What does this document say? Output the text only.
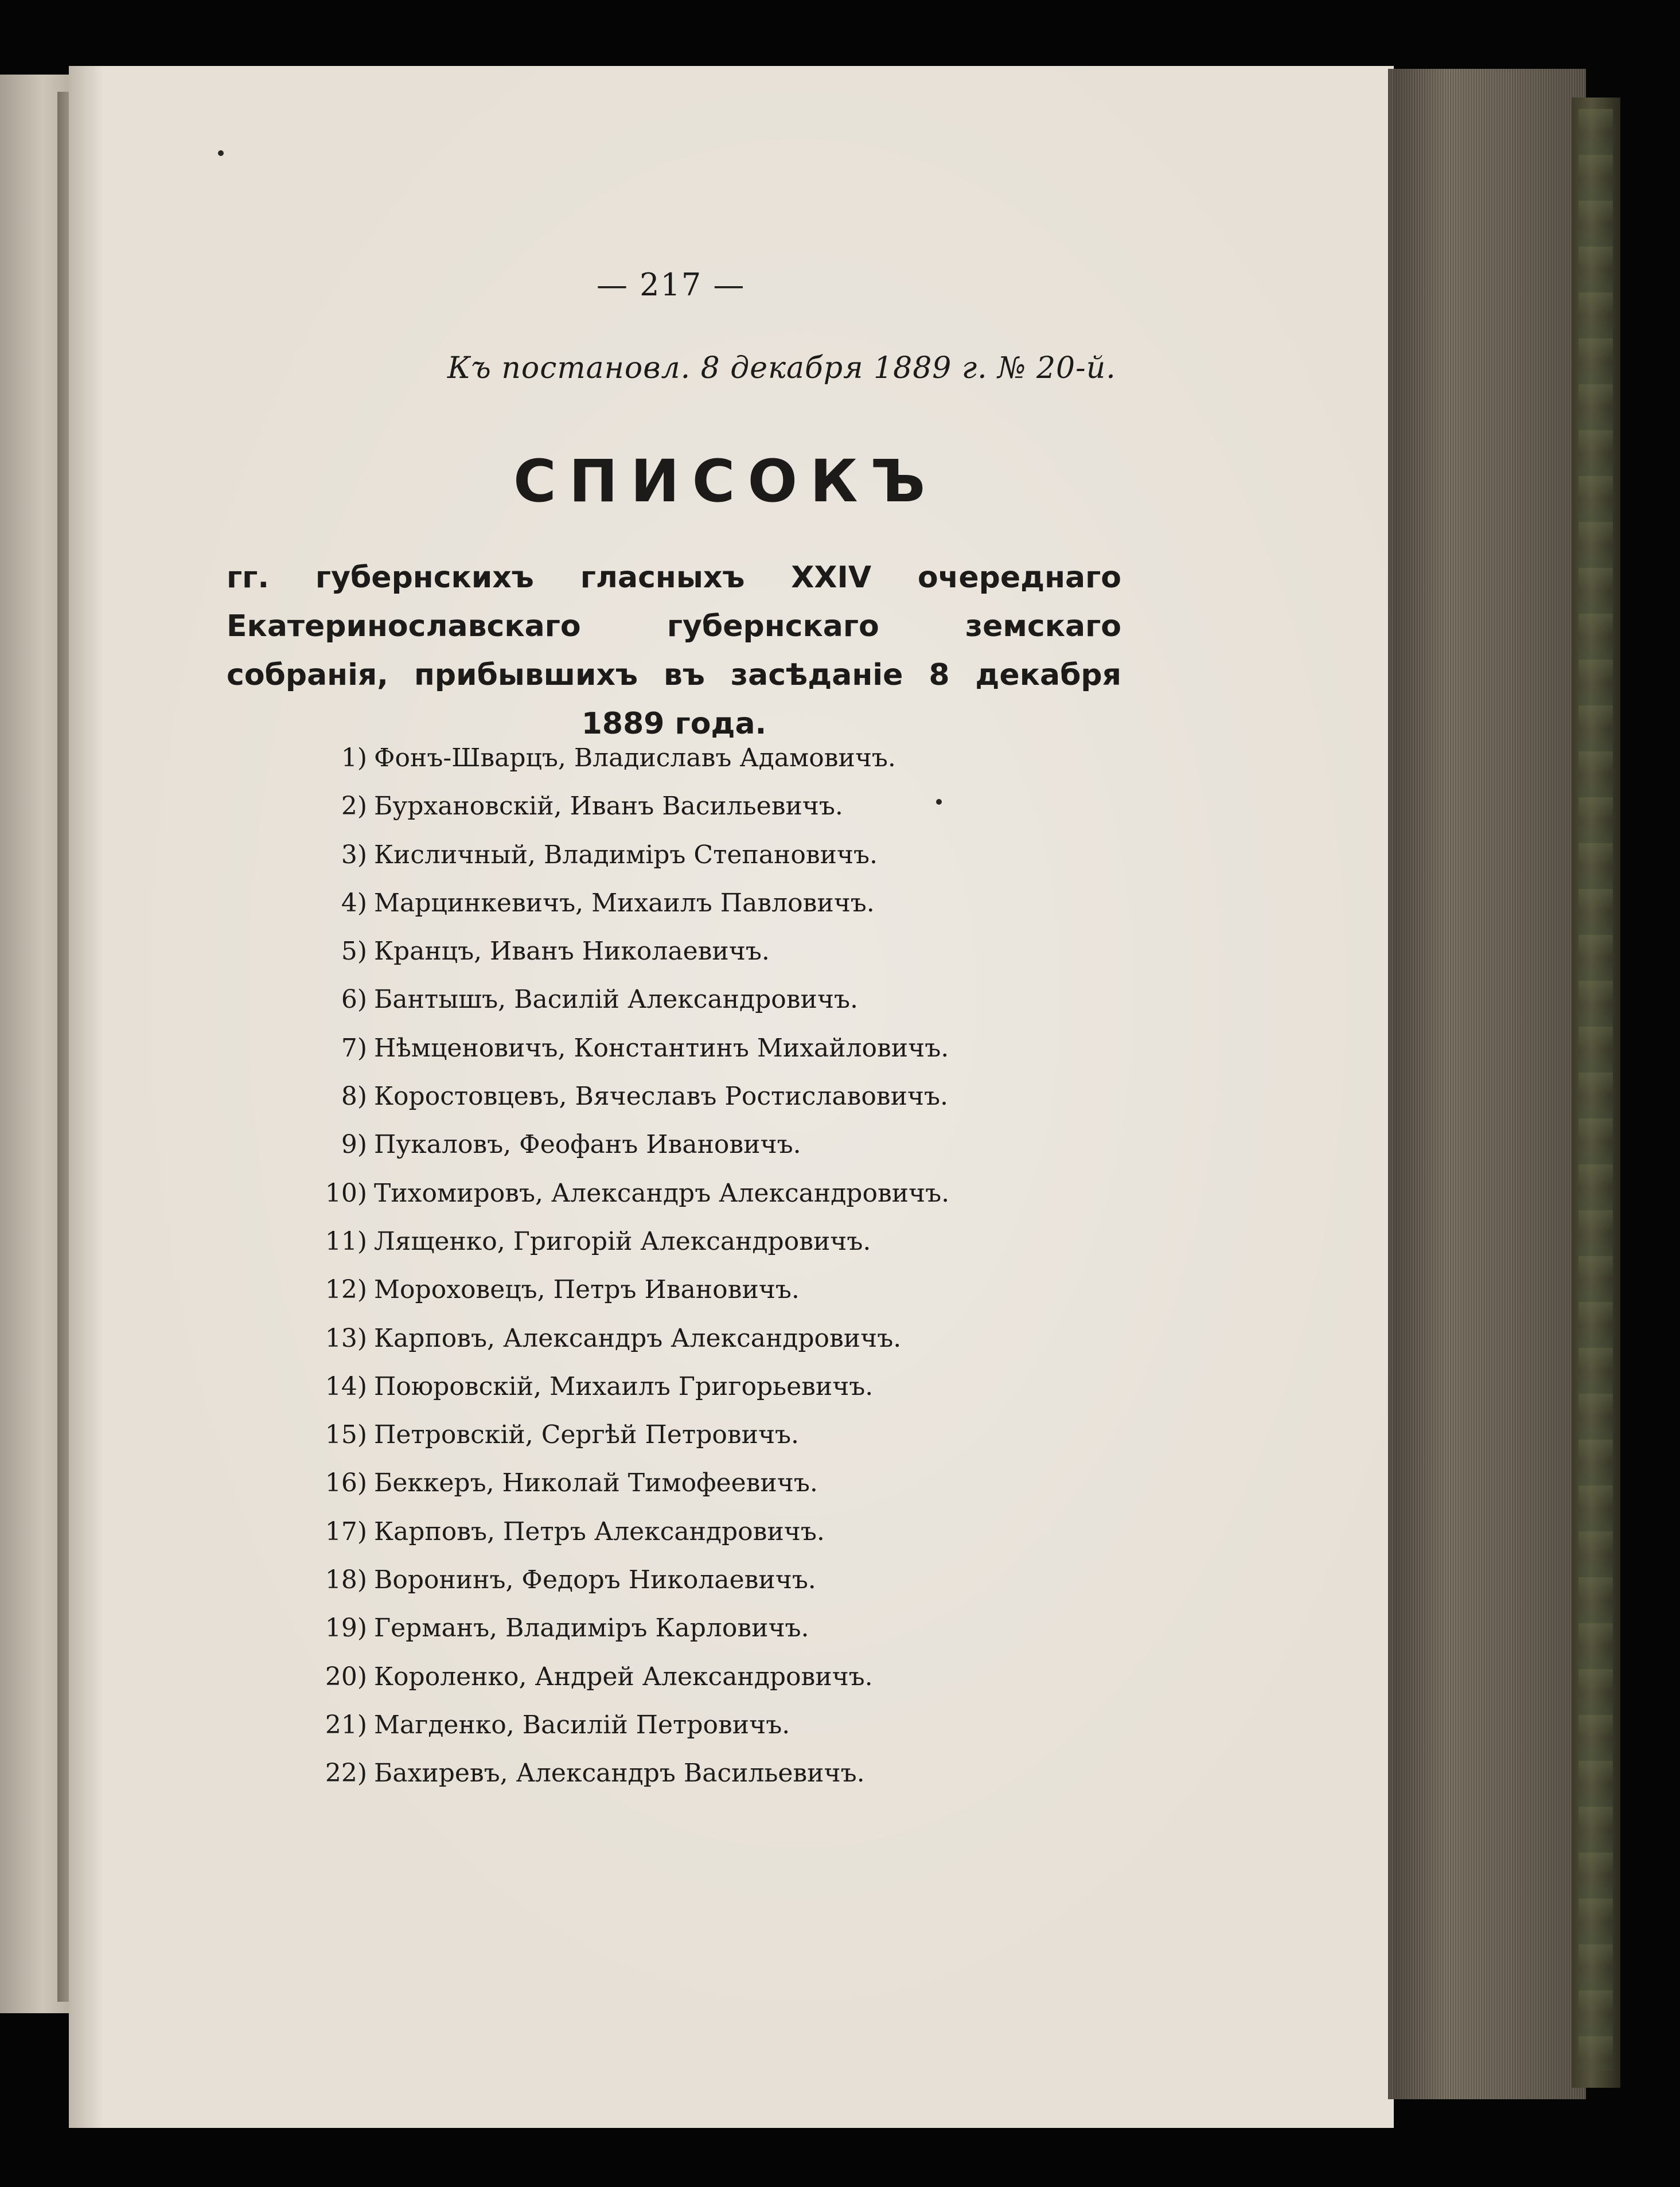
— 217 —
Къ постановл. 8 декабря 1889 г. № 20-й.
СПИСОКЪ
гг. губернскихъ гласныхъ XXIV очереднаго Екатеринославскаго губернскаго земскаго собранія, прибывшихъ въ засѣданіе 8 декабря 1889 года.
1) Фонъ-Шварцъ, Владиславъ Адамовичъ.
2) Бурхановскій, Иванъ Васильевичъ.
3) Кисличный, Владиміръ Степановичъ.
4) Марцинкевичъ, Михаилъ Павловичъ.
5) Кранцъ, Иванъ Николаевичъ.
6) Бантышъ, Василій Александровичъ.
7) Нѣмценовичъ, Константинъ Михайловичъ.
8) Коростовцевъ, Вячеславъ Ростиславовичъ.
9) Пукаловъ, Феофанъ Ивановичъ.
10) Тихомировъ, Александръ Александровичъ.
11) Лященко, Григорій Александровичъ.
12) Мороховецъ, Петръ Ивановичъ.
13) Карповъ, Александръ Александровичъ.
14) Поюровскій, Михаилъ Григорьевичъ.
15) Петровскій, Сергѣй Петровичъ.
16) Беккеръ, Николай Тимофеевичъ.
17) Карповъ, Петръ Александровичъ.
18) Воронинъ, Федоръ Николаевичъ.
19) Германъ, Владиміръ Карловичъ.
20) Короленко, Андрей Александровичъ.
21) Магденко, Василій Петровичъ.
22) Бахиревъ, Александръ Васильевичъ.
